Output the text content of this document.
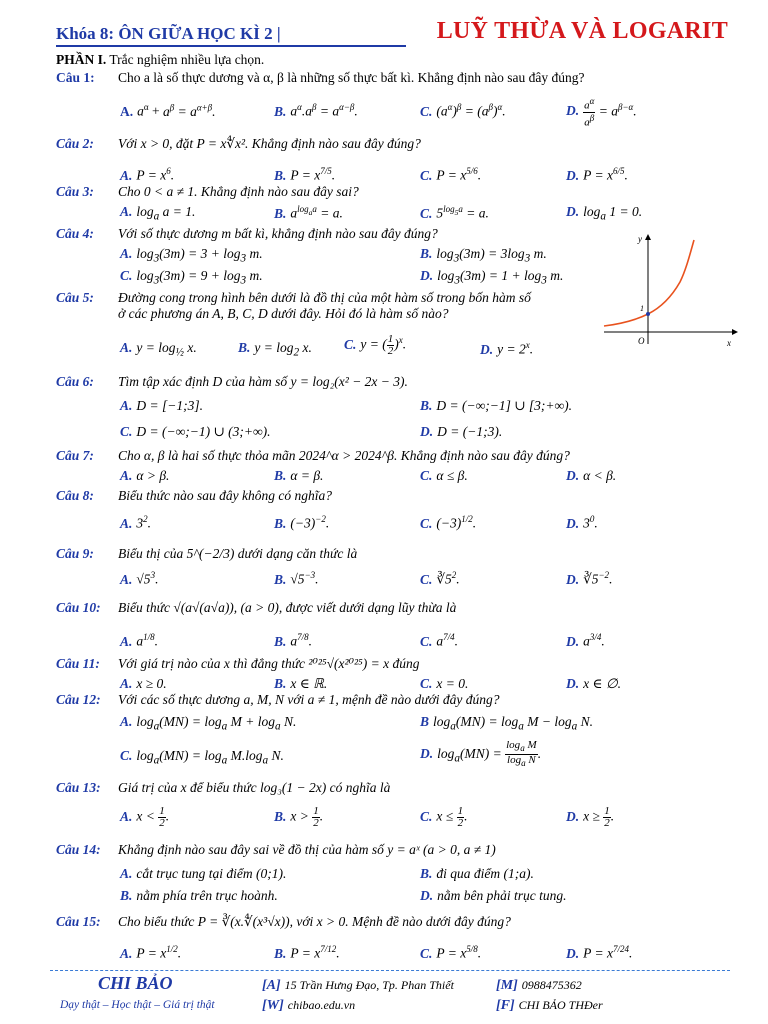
Khóa 8: ÔN GIỮA HỌC KÌ 2 |	LUỸ THỪA VÀ LOGARIT
PHẦN I. Trắc nghiệm nhiều lựa chọn.
Câu 1: Cho a là số thực dương và α, β là những số thực bất kì. Khẳng định nào sau đây đúng?
A. $a^\alpha + a^\beta = a^{\alpha+\beta}$.	B. $a^\alpha.a^\beta = a^{\alpha-\beta}$.	C. $(a^\alpha)^\beta = (a^\beta)^\alpha$.	D. $\frac{a^\alpha}{a^\beta} = a^{\beta-\alpha}$.
Câu 2: Với x > 0, đặt P = x∜x². Khẳng định nào sau đây đúng?
A. $P = x^6$.	B. $P = x^{7/5}$.	C. $P = x^{5/6}$.	D. $P = x^{6/5}$.
Câu 3: Cho 0 < a ≠ 1. Khẳng định nào sau đây sai?
A. $\log_a a = 1$.	B. $a^{log_aa} = a$.	C. $5^{log_5a} = a$.	D. $\log_a 1 = 0$.
Câu 4: Với số thực dương m bất kì, khẳng định nào sau đây đúng?
A. $\log_3(3m) = 3 + \log_3 m$.	B. $\log_3(3m) = 3\log_3$ m.
C. $\log_3(3m) = 9 + \log_3 m$.	D. $\log_3(3m) = 1 + \log_3 m$.
y
x
O
1
Câu 5: Đường cong trong hình bên dưới là đồ thị của một hàm số trong bốn hàm số
ở các phương án A, B, C, D dưới đây. Hỏi đó là hàm số nào?
A. $y = \log_{\frac{1}{2}} x$.	B. $y = \log_2 x$. C. y = ( $\frac{1}{2} )^x$.	D. $y = 2^x$.
Câu 6: Tìm tập xác định D của hàm số y = log₂(x² − 2x − 3).
A. D = [−1;3].	B. D = (−∞;−1] ∪ [3;+∞).
C. D = (−∞;−1) ∪ (3;+∞).	D. D = (−1;3).
Câu 7: Cho α, β là hai số thực thỏa mãn 2024^α > 2024^β. Khẳng định nào sau đây đúng?
A. α > β.	B. α = β.	C. α ≤ β.	D. α < β.
Câu 8: Biểu thức nào sau đây không có nghĩa?
A. $3^2$.	B. $(-3)^{-2}$.	C. $(-3)^{1/2}$.	D. $3^0$.
Câu 9: Biểu thị của 5^(−2/3) dưới dạng căn thức là
A. $√5^3$.	B. $√5^{-3}$.	C. $∛5^2$.	D. $∛5^{-2}$.
Câu 10: Biểu thức √(a√(a√a)), (a > 0), được viết dưới dạng lũy thừa là
A. $a^{1/8}$.	B. $a^{7/8}$.	C. $a^{7/4}$.	D. $a^{3/4}$.
Câu 11: Với giá trị nào của x thì đẳng thức ²⁰²⁵√(x²⁰²⁵) = x đúng
A. x ≥ 0.	B. x ∈ ℝ.	C. x = 0.	D. x ∈ ∅.
Câu 12: Với các số thực dương a, M, N với a ≠ 1, mệnh đề nào dưới đây đúng?
A. $\log_a(MN) = \log_a M + \log_a N$.	B $\log_a(MN) = \log_a M - \log_a N$.
C. $\log_a(MN) = \log_a M.\log_a$ N.	D. $\log_a(MN) = \frac{\log_a M}{\log_a N}$ .
Câu 13: Giá trị của x để biểu thức log₃(1 − 2x) có nghĩa là
A. $x < \frac{1}{2}$ .	B. $x > \frac{1}{2}$ .	C. $x \le \frac{1}{2}$ .	D. $x \ge \frac{1}{2}$ .
Câu 14: Khẳng định nào sau đây sai về đồ thị của hàm số y = aˣ (a > 0, a ≠ 1)
A. cắt trục tung tại điểm (0;1).	B. đi qua điểm (1;a).
B. nằm phía trên trục hoành.	D. nằm bên phải trục tung.
Câu 15: Cho biểu thức P = ∛(x.∜(x³√x)), với x > 0. Mệnh đề nào dưới đây đúng?
A. $P = x^{1/2}$.	B. $P = x^{7/12}$.	C. $P = x^{5/8}$.	D. $P = x^{7/24}$.
CHI BẢO
Dạy thật – Học thật – Giá trị thật
[A] 15 Trần Hưng Đạo, Tp. Phan Thiết
[W] chibao.edu.vn
[M] 0988475362
[F] CHI BẢO THĐer
